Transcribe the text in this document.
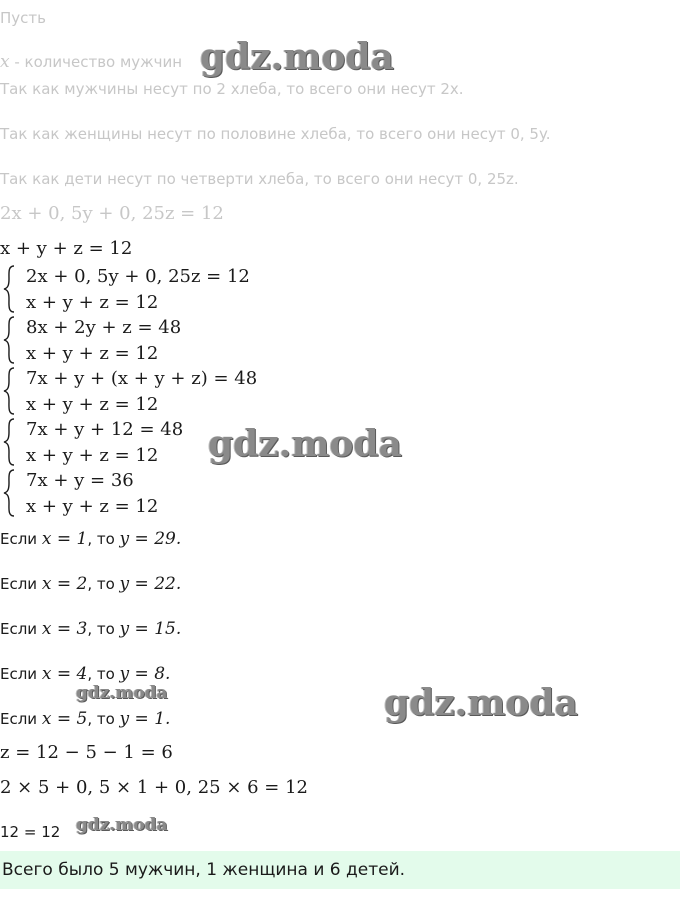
Пусть
x - количество мужчин gdz.moda
Так как мужчины несут по 2 хлеба, то всего они несут 2x.
Так как женщины несут по половине хлеба, то всего они несут 0, 5y.
Так как дети несут по четверти хлеба, то всего они несут 0, 25z.
2x + 0, 5y + 0, 25z = 12
x + y + z = 12
2x + 0, 5y + 0, 25z = 12
x + y + z = 12
8x + 2y + z = 48
x + y + z = 12
7x + y + (x + y + z) = 48
x + y + z = 12
7x + y + 12 = 48
x + y + z = 12 gdz.moda
7x + y = 36
x + y + z = 12
Если x = 1, то y = 29.
Если x = 2, то y = 22.
Если x = 3, то y = 15.
Если x = 4, то y = 8.
gdz.moda	gdz.moda
Если x = 5, то y = 1.
z = 12 − 5 − 1 = 6
2 × 5 + 0, 5 × 1 + 0, 25 × 6 = 12
12 = 12 gdz.moda
Всего было 5 мужчин, 1 женщина и 6 детей.
